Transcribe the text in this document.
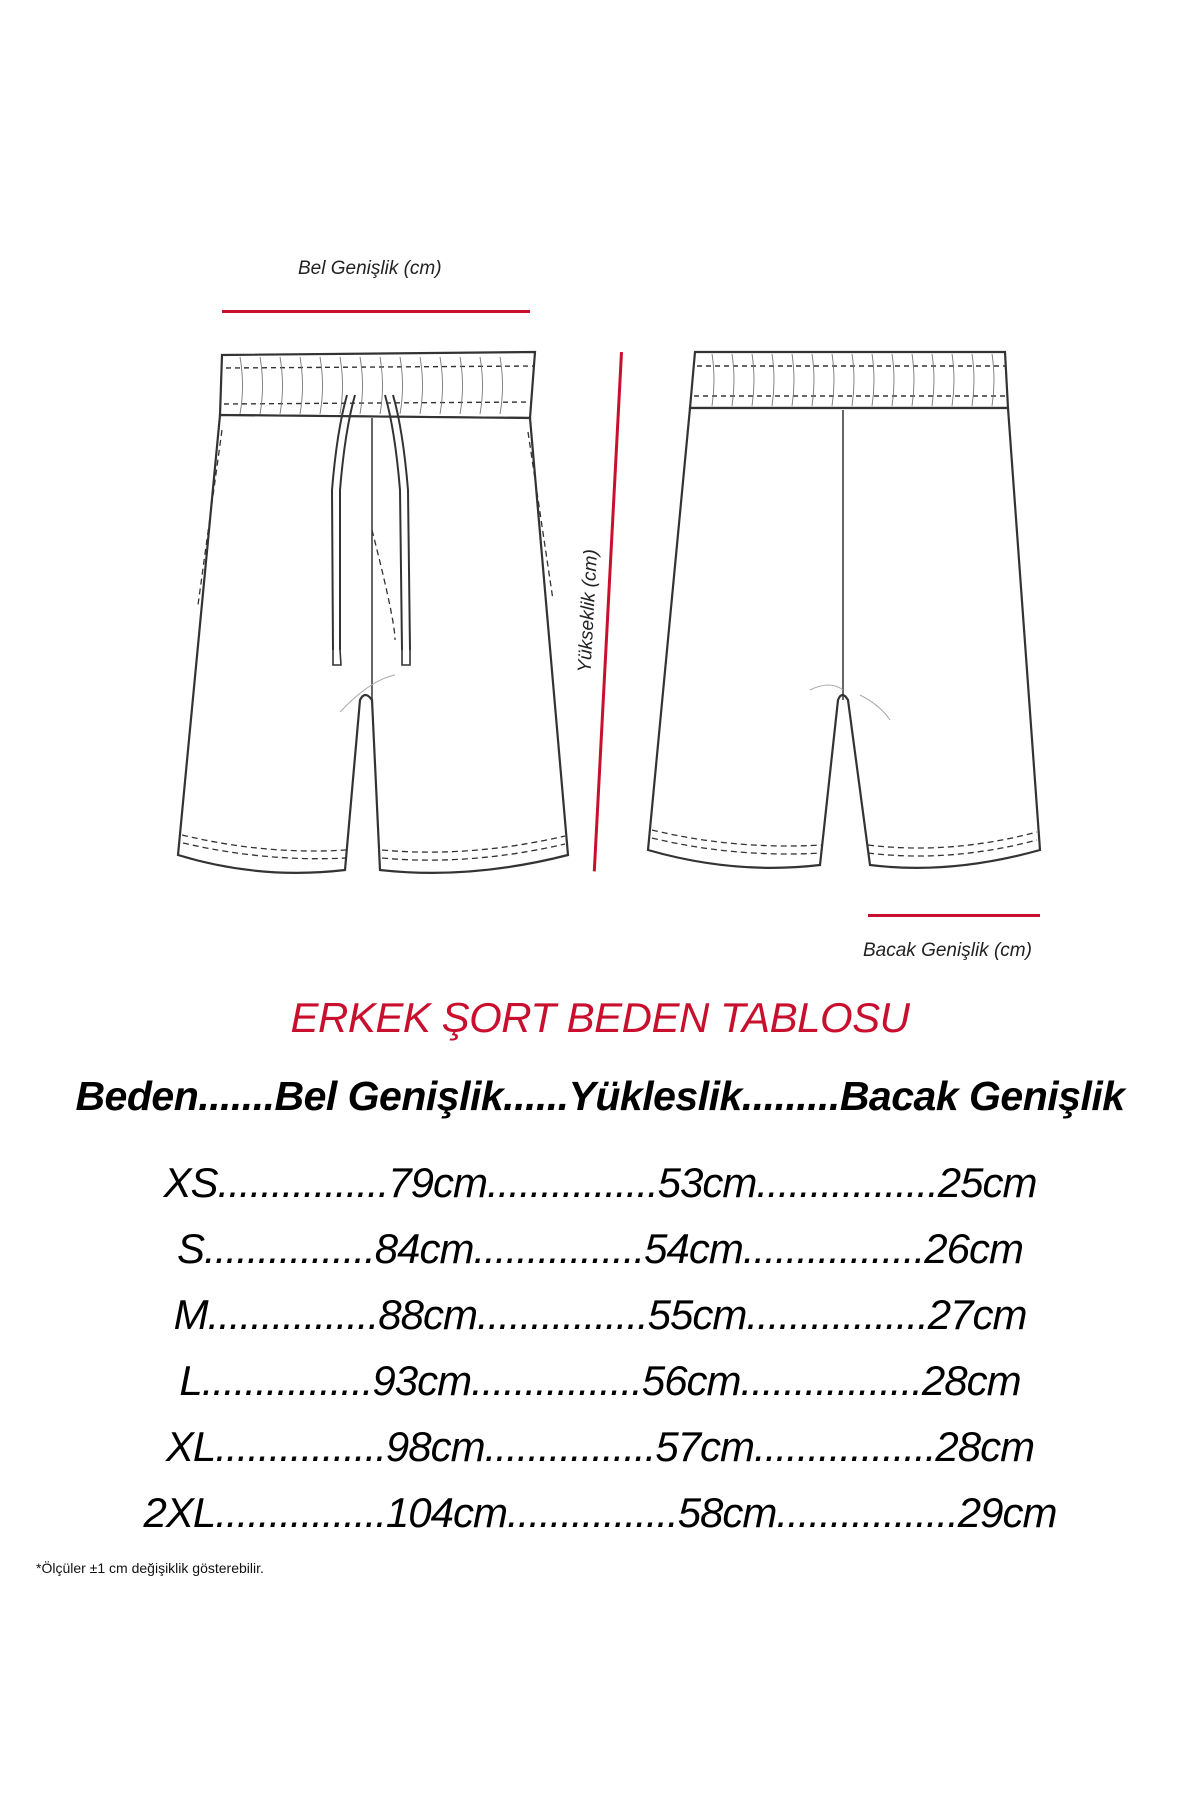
Bel Genişlik (cm)
Yükseklik (cm)
Bacak Genişlik (cm)
ERKEK ŞORT BEDEN TABLOSU
Beden.......Bel Genişlik......Yükleslik.........Bacak Genişlik
XS................79cm................53cm.................25cm
S................84cm................54cm.................26cm
M................88cm................55cm.................27cm
L................93cm................56cm.................28cm
XL................98cm................57cm.................28cm
2XL................104cm................58cm.................29cm
*Ölçüler ±1 cm değişiklik gösterebilir.
